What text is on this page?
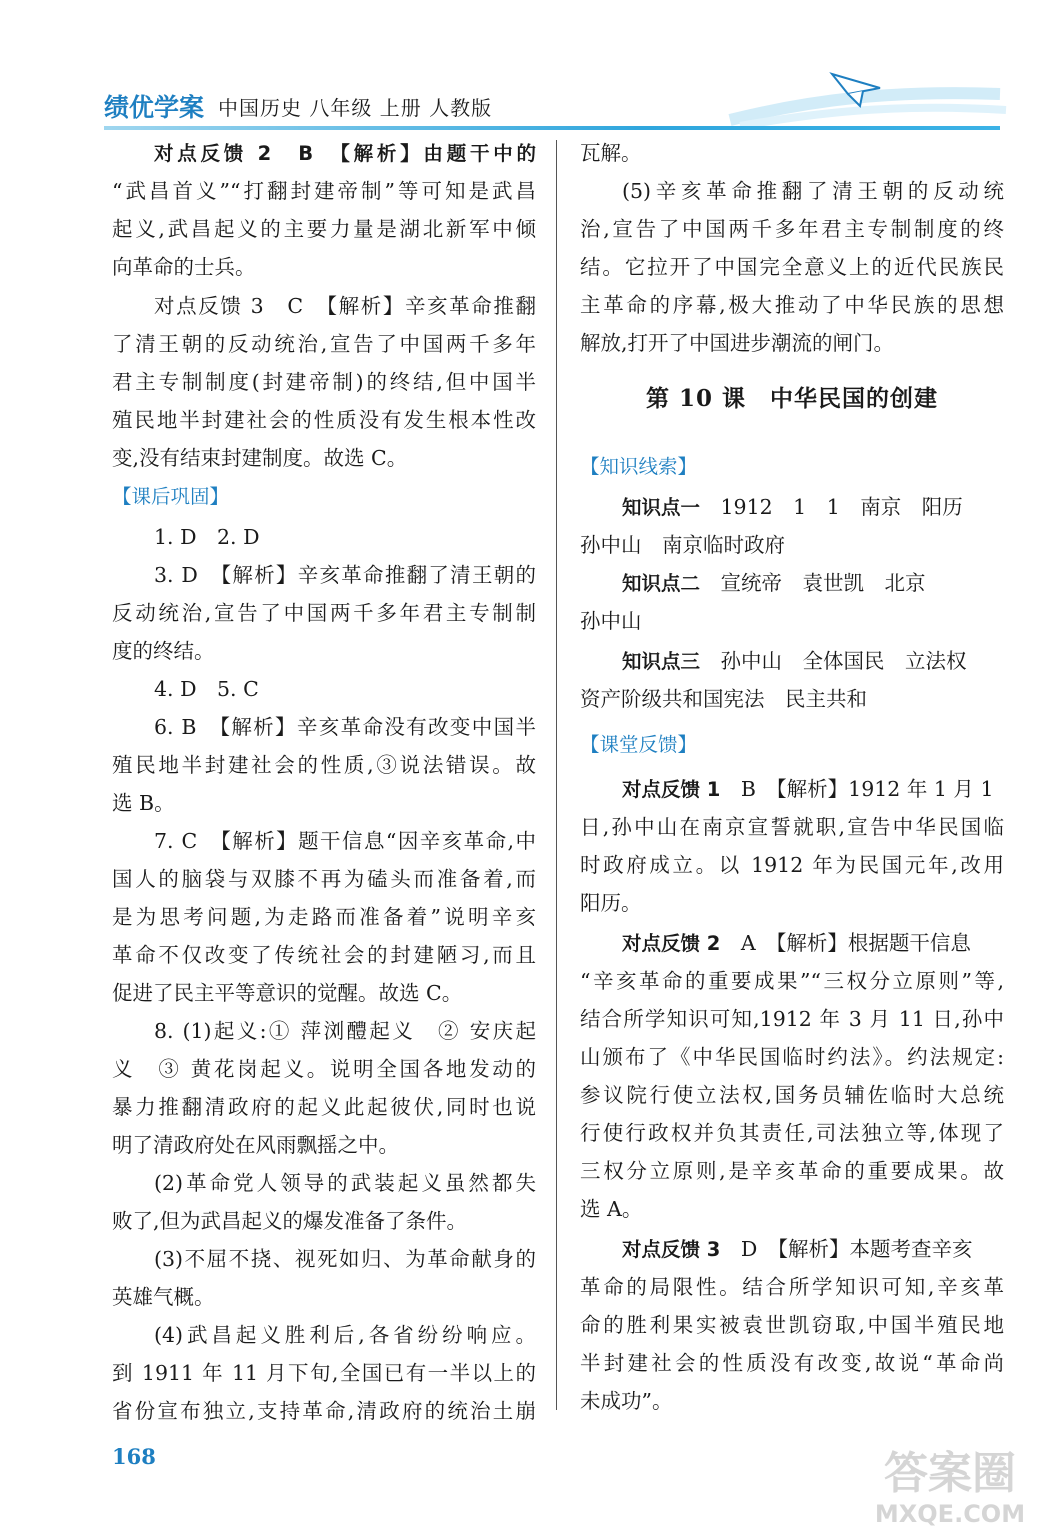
绩优学案 中国历史 八年级 上册 人教版
对点反馈 2　B　【解析】由题干中的
“武昌首义”“打翻封建帝制”等可知是武昌
起义,武昌起义的主要力量是湖北新军中倾
向革命的士兵。
对点反馈 3　C　【解析】辛亥革命推翻
了清王朝的反动统治,宣告了中国两千多年
君主专制制度(封建帝制)的终结,但中国半
殖民地半封建社会的性质没有发生根本性改
变,没有结束封建制度。故选 C。
【课后巩固】
1. D　2. D
3. D　【解析】辛亥革命推翻了清王朝的
反动统治,宣告了中国两千多年君主专制制
度的终结。
4. D　5. C
6. B　【解析】辛亥革命没有改变中国半
殖民地半封建社会的性质,③说法错误。故
选 B。
7. C　【解析】题干信息“因辛亥革命,中
国人的脑袋与双膝不再为磕头而准备着,而
是为思考问题,为走路而准备着”说明辛亥
革命不仅改变了传统社会的封建陋习,而且
促进了民主平等意识的觉醒。故选 C。
8. (1)起义:① 萍浏醴起义　② 安庆起
义　③ 黄花岗起义。说明全国各地发动的
暴力推翻清政府的起义此起彼伏,同时也说
明了清政府处在风雨飘摇之中。
(2)革命党人领导的武装起义虽然都失
败了,但为武昌起义的爆发准备了条件。
(3)不屈不挠、视死如归、为革命献身的
英雄气概。
(4)武昌起义胜利后,各省纷纷响应。
到 1911 年 11 月下旬,全国已有一半以上的
省份宣布独立,支持革命,清政府的统治土崩
瓦解。
(5)辛亥革命推翻了清王朝的反动统
治,宣告了中国两千多年君主专制制度的终
结。它拉开了中国完全意义上的近代民族民
主革命的序幕,极大推动了中华民族的思想
解放,打开了中国进步潮流的闸门。
第 10 课　中华民国的创建
【知识线索】
知识点一　 1912　1　1　南京　阳历
孙中山　南京临时政府
知识点二　 宣统帝　袁世凯　北京
孙中山
知识点三　 孙中山　全体国民　立法权
资产阶级共和国宪法　民主共和
【课堂反馈】
对点反馈 1　 B　【解析】1912 年 1 月 1
日,孙中山在南京宣誓就职,宣告中华民国临
时政府成立。以 1912 年为民国元年,改用
阳历。
对点反馈 2　 A　【解析】根据题干信息
“辛亥革命的重要成果”“三权分立原则”等,
结合所学知识可知,1912 年 3 月 11 日,孙中
山颁布了《中华民国临时约法》。约法规定:
参议院行使立法权,国务员辅佐临时大总统
行使行政权并负其责任,司法独立等,体现了
三权分立原则,是辛亥革命的重要成果。故
选 A。
对点反馈 3　 D　【解析】本题考查辛亥
革命的局限性。结合所学知识可知,辛亥革
命的胜利果实被袁世凯窃取,中国半殖民地
半封建社会的性质没有改变,故说“革命尚
未成功”。
168	答案圈
MXQE.COM
